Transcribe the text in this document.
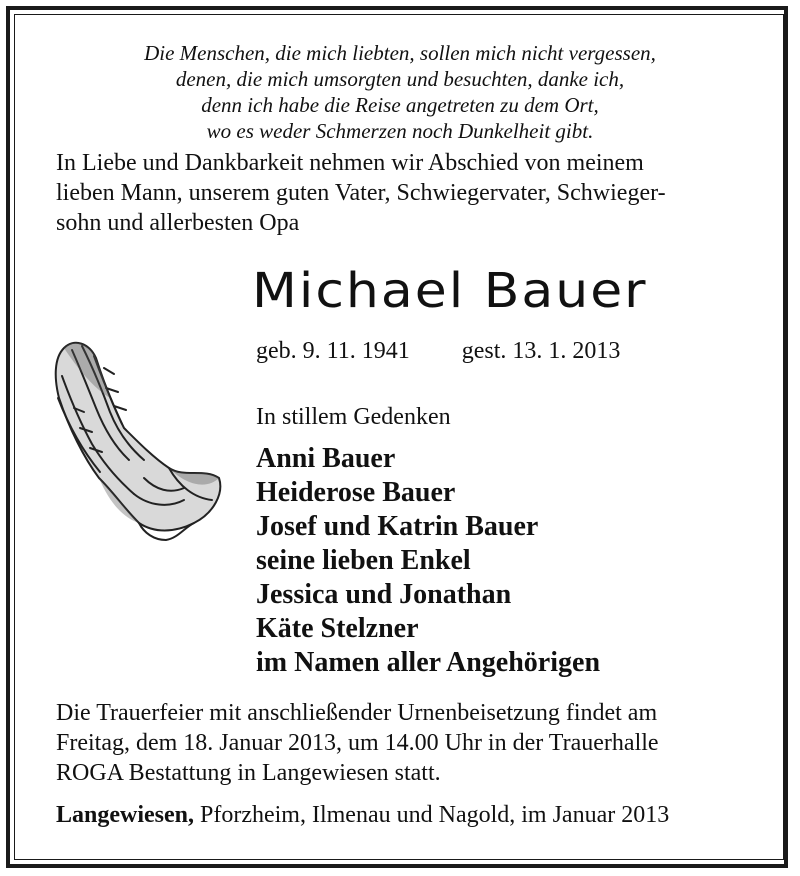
Die Menschen, die mich liebten, sollen mich nicht vergessen,
denen, die mich umsorgten und besuchten, danke ich,
denn ich habe die Reise angetreten zu dem Ort,
wo es weder Schmerzen noch Dunkelheit gibt.
In Liebe und Dankbarkeit nehmen wir Abschied von meinem
lieben Mann, unserem guten Vater, Schwiegervater, Schwieger-
sohn und allerbesten Opa
Michael Bauer
geb. 9. 11. 1941 gest. 13. 1. 2013
In stillem Gedenken
Anni Bauer
Heiderose Bauer
Josef und Katrin Bauer
seine lieben Enkel
Jessica und Jonathan
Käte Stelzner
im Namen aller Angehörigen
Die Trauerfeier mit anschließender Urnenbeisetzung findet am
Freitag, dem 18. Januar 2013, um 14.00 Uhr in der Trauerhalle
ROGA Bestattung in Langewiesen statt.
Langewiesen, Pforzheim, Ilmenau und Nagold, im Januar 2013
